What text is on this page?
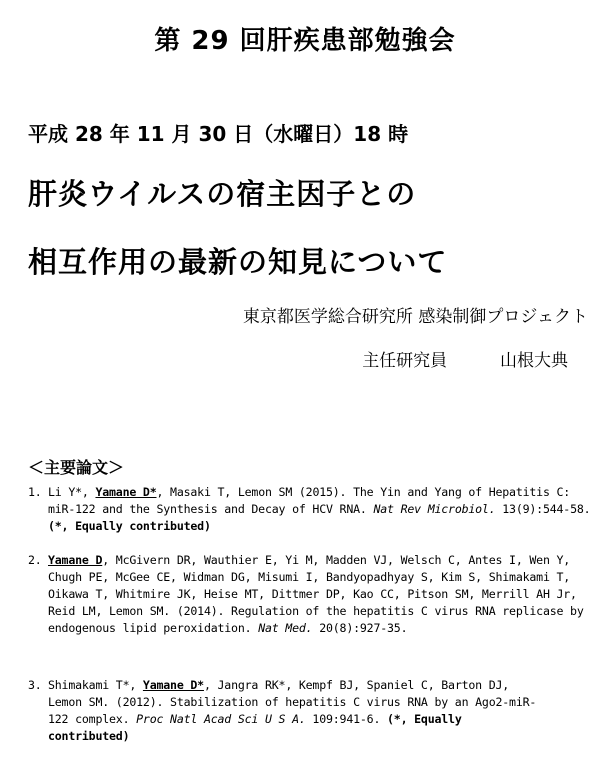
第 29 回肝疾患部勉強会
平成 28 年 11 月 30 日（水曜日）18 時
肝炎ウイルスの宿主因子との
相互作用の最新の知見について
東京都医学総合研究所 感染制御プロジェクト
主任研究員	山根大典
＜主要論文＞
1. Li Y*, Yamane D*, Masaki T, Lemon SM (2015). The Yin and Yang of Hepatitis C:
miR-122 and the Synthesis and Decay of HCV RNA. Nat Rev Microbiol. 13(9):544-58.
(*, Equally contributed)
2. Yamane D, McGivern DR, Wauthier E, Yi M, Madden VJ, Welsch C, Antes I, Wen Y,
Chugh PE, McGee CE, Widman DG, Misumi I, Bandyopadhyay S, Kim S, Shimakami T,
Oikawa T, Whitmire JK, Heise MT, Dittmer DP, Kao CC, Pitson SM, Merrill AH Jr,
Reid LM, Lemon SM. (2014). Regulation of the hepatitis C virus RNA replicase by
endogenous lipid peroxidation. Nat Med. 20(8):927-35.
3. Shimakami T*, Yamane D*, Jangra RK*, Kempf BJ, Spaniel C, Barton DJ,
Lemon SM. (2012). Stabilization of hepatitis C virus RNA by an Ago2-miR-
122 complex. Proc Natl Acad Sci U S A. 109:941-6. (*, Equally
contributed)
